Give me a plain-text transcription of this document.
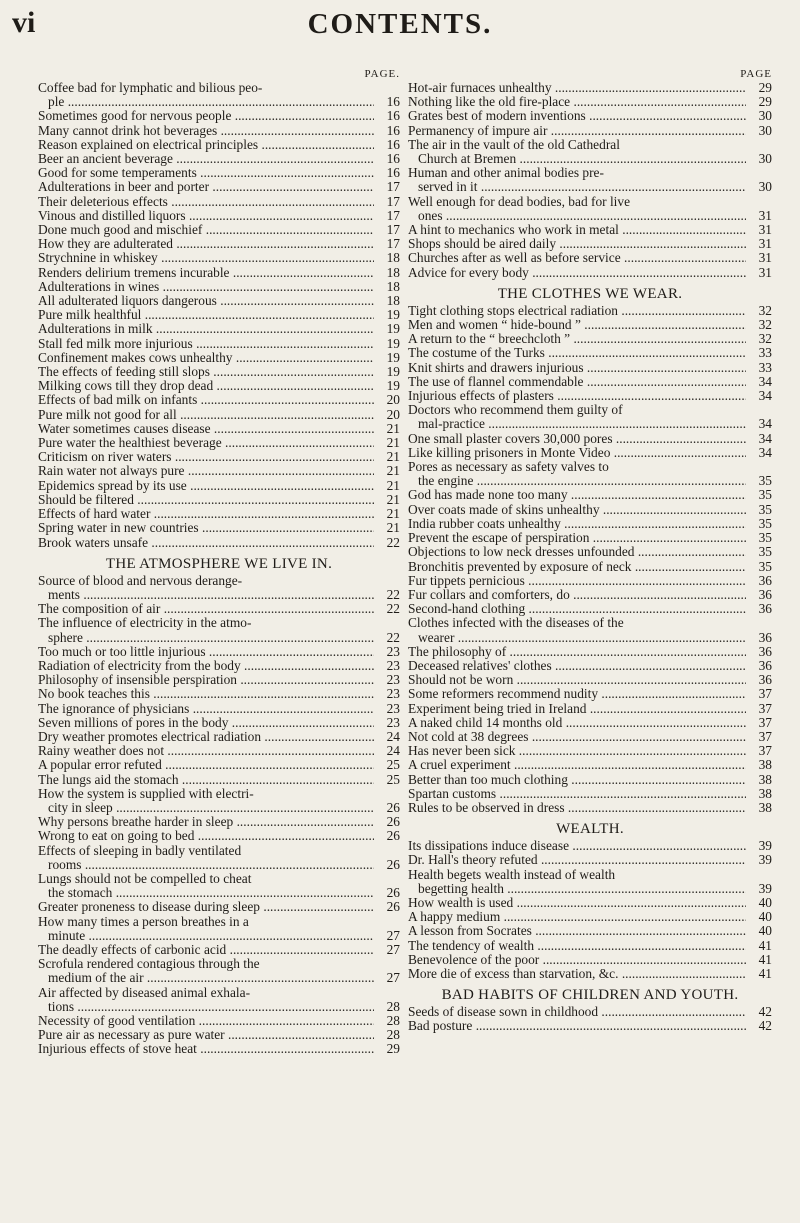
vi	CONTENTS.
PAGE.
Coffee bad for lymphatic and bilious peo-
ple .....	16
Sometimes good for nervous people .....	16
Many cannot drink hot beverages .....	16
Reason explained on electrical principles .....	16
Beer an ancient beverage .....	16
Good for some temperaments .....	16
Adulterations in beer and porter .....	17
Their deleterious effects .....	17
Vinous and distilled liquors .....	17
Done much good and mischief .....	17
How they are adulterated .....	17
Strychnine in whiskey .....	18
Renders delirium tremens incurable .....	18
Adulterations in wines .....	18
All adulterated liquors dangerous .....	18
Pure milk healthful .....	19
Adulterations in milk .....	19
Stall fed milk more injurious .....	19
Confinement makes cows unhealthy .....	19
The effects of feeding still slops .....	19
Milking cows till they drop dead .....	19
Effects of bad milk on infants .....	20
Pure milk not good for all .....	20
Water sometimes causes disease .....	21
Pure water the healthiest beverage .....	21
Criticism on river waters .....	21
Rain water not always pure .....	21
Epidemics spread by its use .....	21
Should be filtered .....	21
Effects of hard water .....	21
Spring water in new countries .....	21
Brook waters unsafe .....	22
THE ATMOSPHERE WE LIVE IN.
Source of blood and nervous derange-
ments .....	22
The composition of air .....	22
The influence of electricity in the atmo-
sphere .....	22
Too much or too little injurious .....	23
Radiation of electricity from the body .....	23
Philosophy of insensible perspiration .....	23
No book teaches this .....	23
The ignorance of physicians .....	23
Seven millions of pores in the body .....	23
Dry weather promotes electrical radiation .....	24
Rainy weather does not .....	24
A popular error refuted .....	25
The lungs aid the stomach .....	25
How the system is supplied with electri-
city in sleep .....	26
Why persons breathe harder in sleep .....	26
Wrong to eat on going to bed .....	26
Effects of sleeping in badly ventilated
rooms .....	26
Lungs should not be compelled to cheat
the stomach .....	26
Greater proneness to disease during sleep .....	26
How many times a person breathes in a
minute .....	27
The deadly effects of carbonic acid .....	27
Scrofula rendered contagious through the
medium of the air .....	27
Air affected by diseased animal exhala-
tions .....	28
Necessity of good ventilation .....	28
Pure air as necessary as pure water .....	28
Injurious effects of stove heat .....	29
PAGE
Hot-air furnaces unhealthy .....	29
Nothing like the old fire-place .....	29
Grates best of modern inventions .....	30
Permanency of impure air .....	30
The air in the vault of the old Cathedral
Church at Bremen .....	30
Human and other animal bodies pre-
served in it .....	30
Well enough for dead bodies, bad for live
ones .....	31
A hint to mechanics who work in metal .....	31
Shops should be aired daily .....	31
Churches after as well as before service .....	31
Advice for every body .....	31
THE CLOTHES WE WEAR.
Tight clothing stops electrical radiation .....	32
Men and women “ hide-bound ” .....	32
A return to the “ breechcloth ” .....	32
The costume of the Turks .....	33
Knit shirts and drawers injurious .....	33
The use of flannel commendable .....	34
Injurious effects of plasters .....	34
Doctors who recommend them guilty of
mal-practice .....	34
One small plaster covers 30,000 pores .....	34
Like killing prisoners in Monte Video .....	34
Pores as necessary as safety valves to
the engine .....	35
God has made none too many .....	35
Over coats made of skins unhealthy .....	35
India rubber coats unhealthy .....	35
Prevent the escape of perspiration .....	35
Objections to low neck dresses unfounded .....	35
Bronchitis prevented by exposure of neck .....	35
Fur tippets pernicious .....	36
Fur collars and comforters, do .....	36
Second-hand clothing .....	36
Clothes infected with the diseases of the
wearer .....	36
The philosophy of .....	36
Deceased relatives' clothes .....	36
Should not be worn .....	36
Some reformers recommend nudity .....	37
Experiment being tried in Ireland .....	37
A naked child 14 months old .....	37
Not cold at 38 degrees .....	37
Has never been sick .....	37
A cruel experiment .....	38
Better than too much clothing .....	38
Spartan customs .....	38
Rules to be observed in dress .....	38
WEALTH.
Its dissipations induce disease .....	39
Dr. Hall's theory refuted .....	39
Health begets wealth instead of wealth
begetting health .....	39
How wealth is used .....	40
A happy medium .....	40
A lesson from Socrates .....	40
The tendency of wealth .....	41
Benevolence of the poor .....	41
More die of excess than starvation, &c. .....	41
BAD HABITS OF CHILDREN AND YOUTH.
Seeds of disease sown in childhood .....	42
Bad posture .....	42
